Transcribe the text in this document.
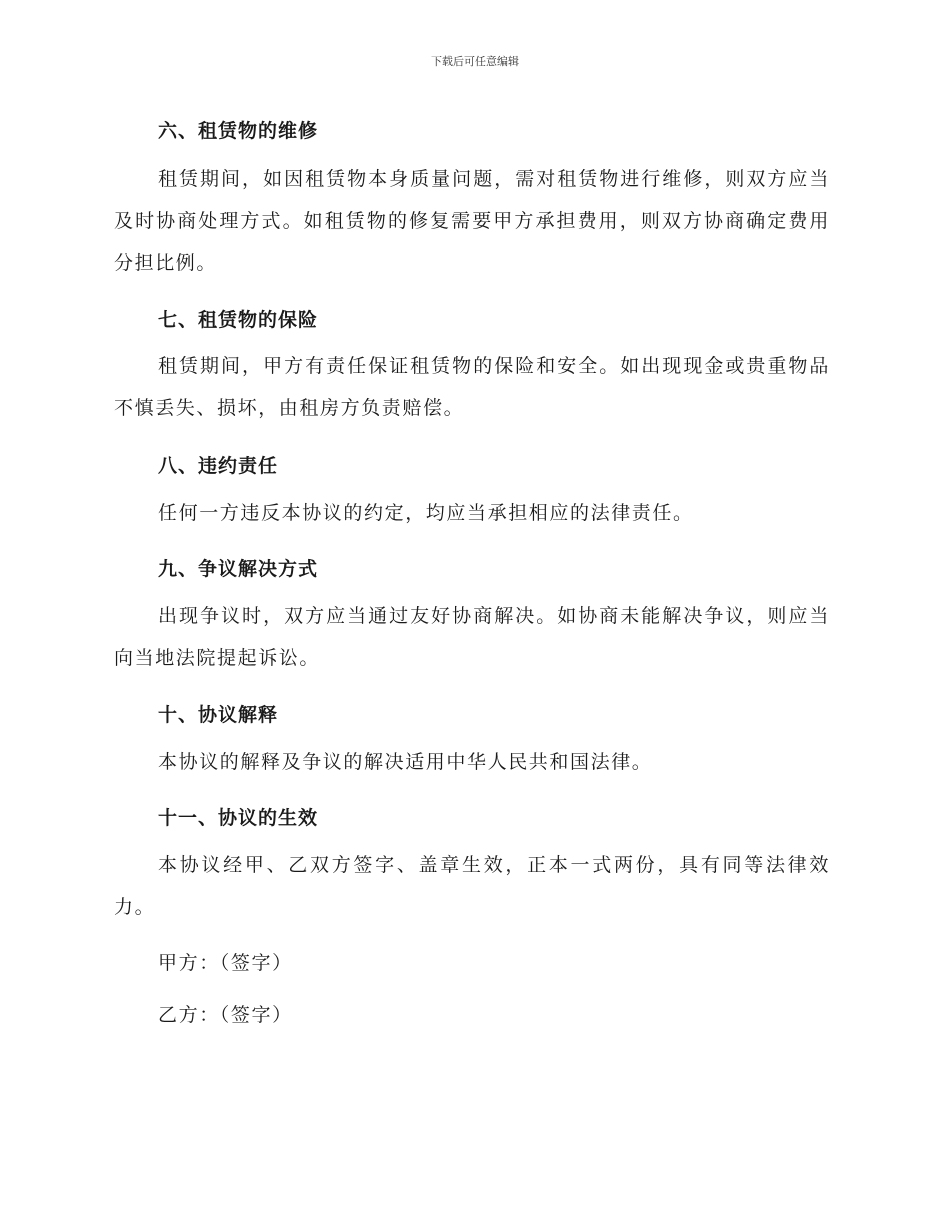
下载后可任意编辑
六、租赁物的维修

租赁期间，如因租赁物本身质量问题，需对租赁物进行维修，则双方应当及时协商处理方式。如租赁物的修复需要甲方承担费用，则双方协商确定费用分担比例。

七、租赁物的保险

租赁期间，甲方有责任保证租赁物的保险和安全。如出现现金或贵重物品不慎丢失、损坏，由租房方负责赔偿。

八、违约责任

任何一方违反本协议的约定，均应当承担相应的法律责任。

九、争议解决方式

出现争议时，双方应当通过友好协商解决。如协商未能解决争议，则应当向当地法院提起诉讼。

十、协议解释

本协议的解释及争议的解决适用中华人民共和国法律。

十一、协议的生效

本协议经甲、乙双方签字、盖章生效，正本一式两份，具有同等法律效力。

甲方：（签字）
乙方：（签字）
